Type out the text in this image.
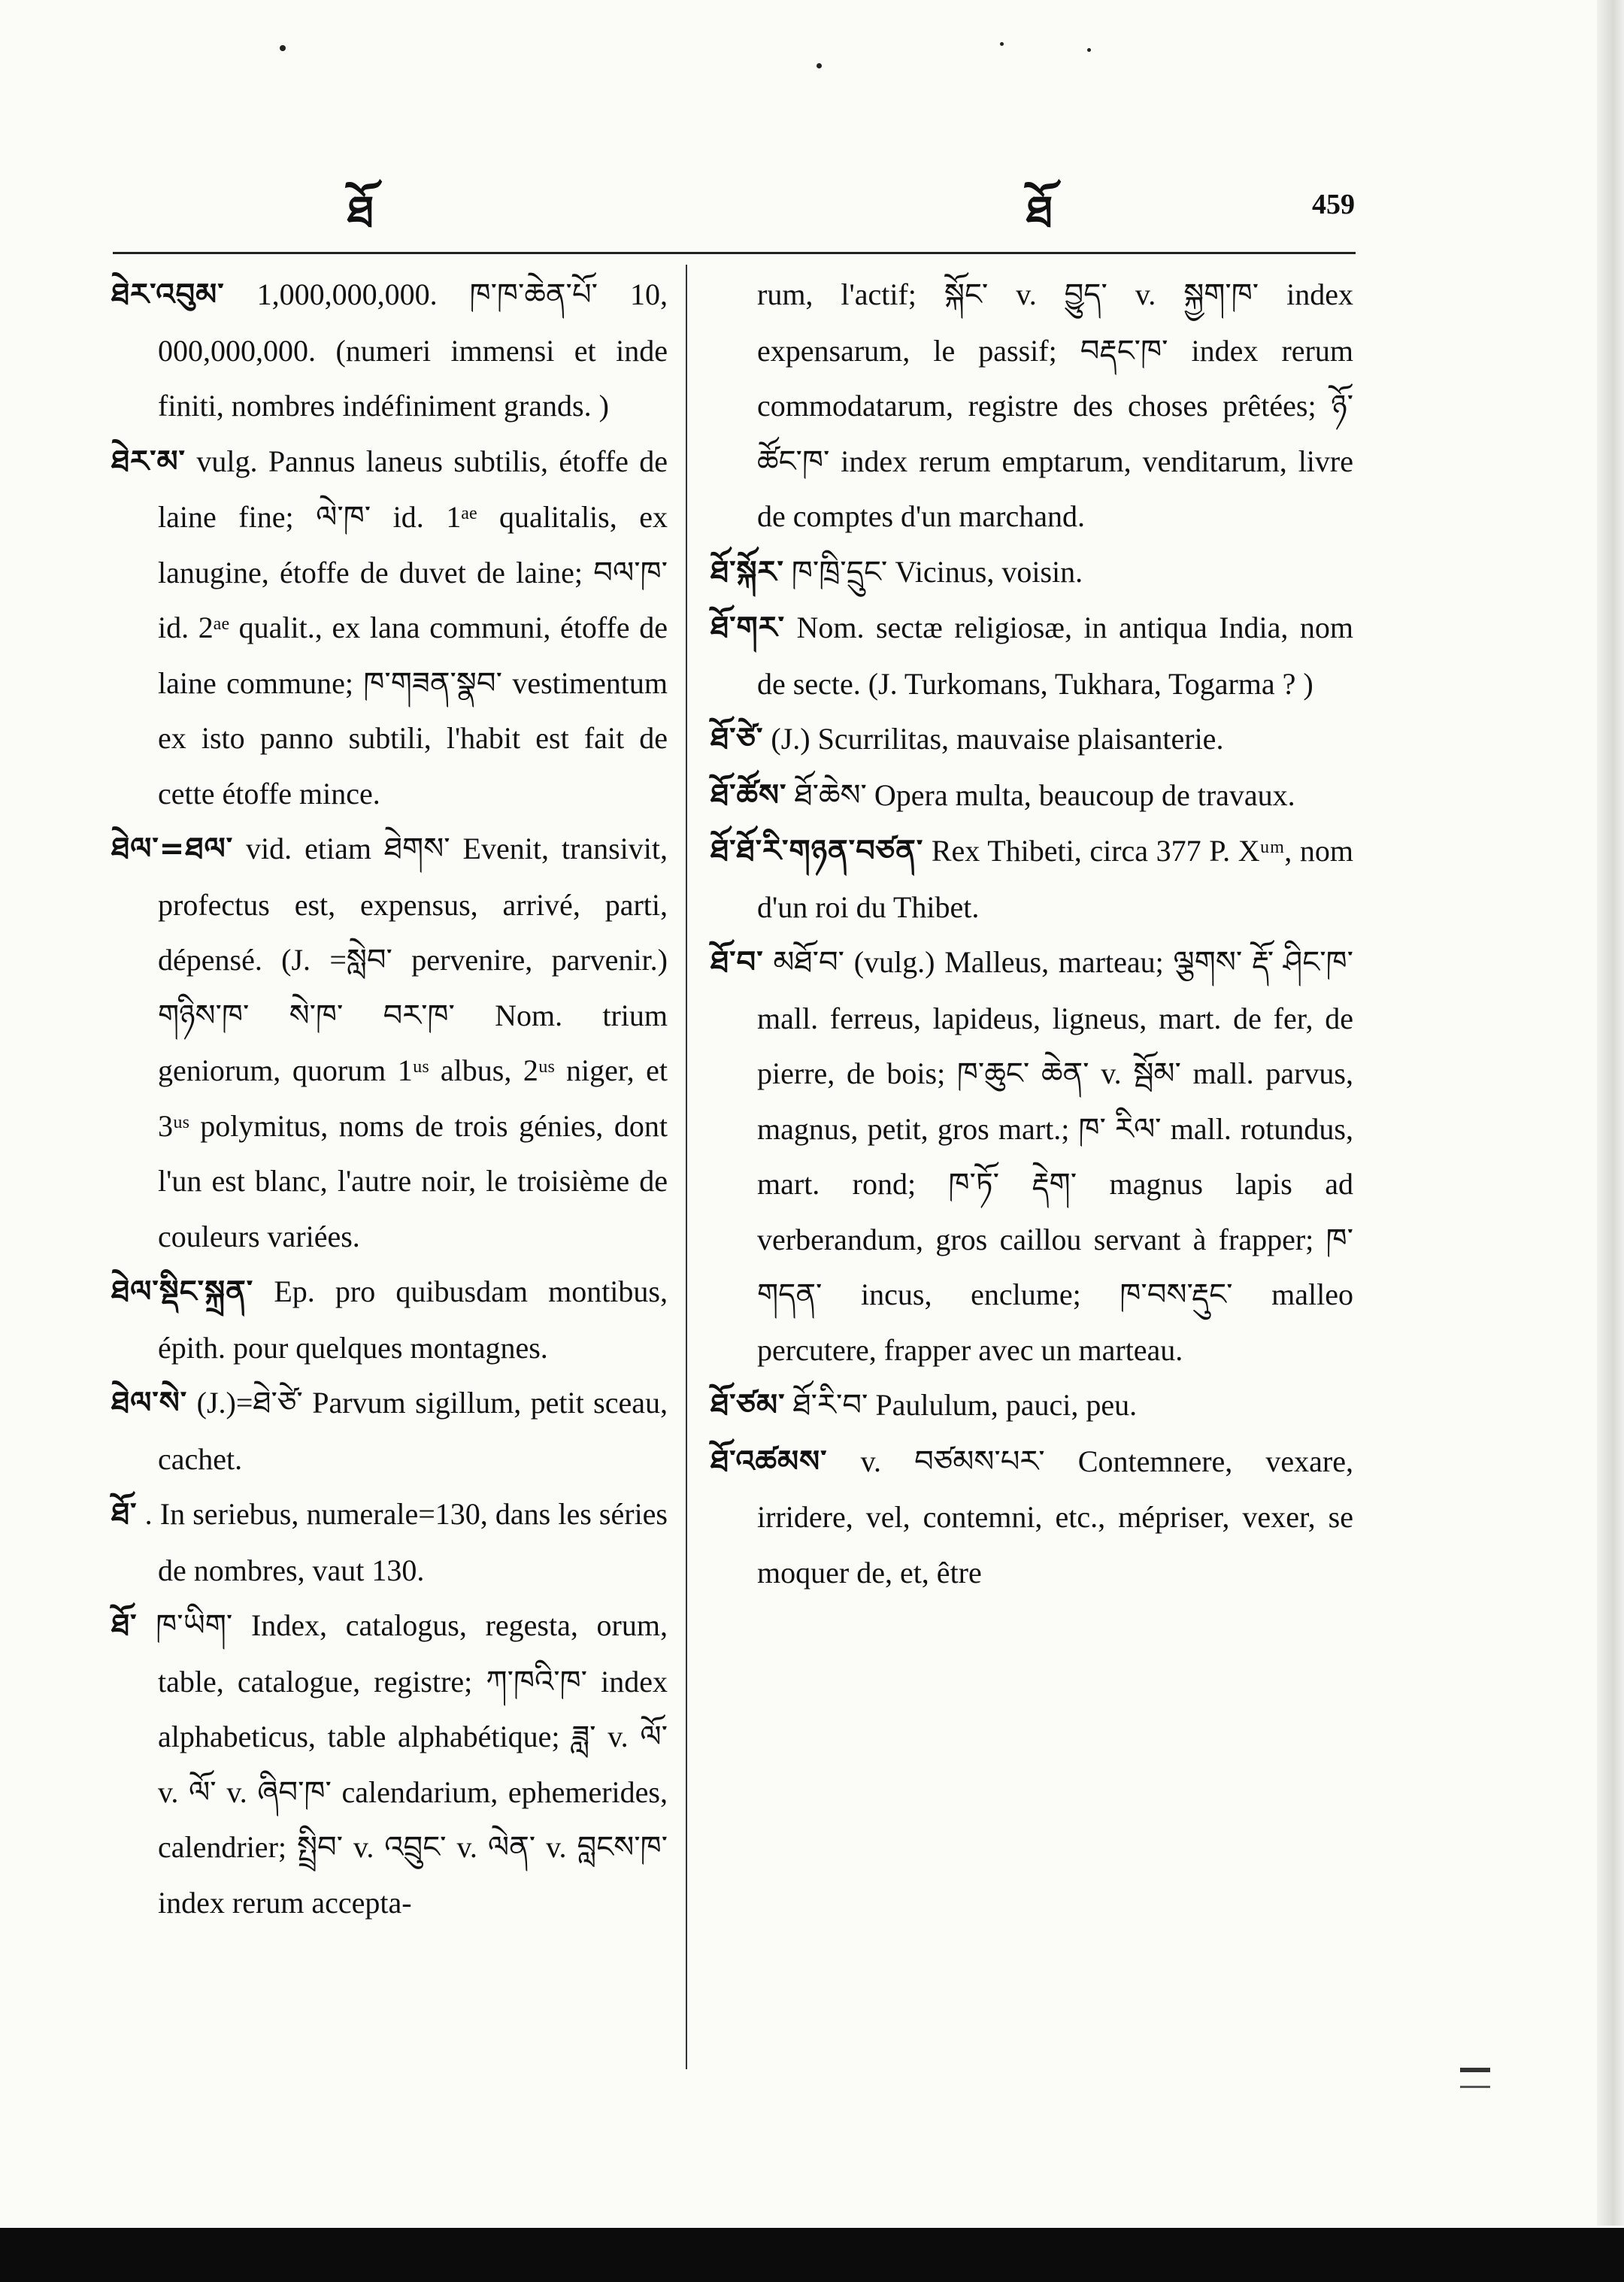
ཐོ	ཐོ	459

ཐེར་འབུམ་ 1,000,000,000. ཁ་ཁ་ཆེན་པོ་ 10, 000,000,000. (numeri immensi et inde finiti, nombres indéfiniment grands. )

ཐེར་མ་ vulg. Pannus laneus subtilis, étoffe de laine fine; ལེ་ཁ་ id. 1ᵃᵉ qualitalis, ex lanugine, étoffe de duvet de laine; བལ་ཁ་ id. 2ᵃᵉ qualit., ex lana communi, étoffe de laine commune; ཁ་གཟན་སྣབ་ vestimentum ex isto panno subtili, l'habit est fait de cette étoffe mince.

ཐེལ་=ཐལ་ vid. etiam ཐེགས་ Evenit, transivit, profectus est, expensus, arrivé, parti, dépensé. (J. =སླེབ་ pervenire, parvenir.) གཉིས་ཁ་ སེ་ཁ་ བར་ཁ་ Nom. trium geniorum, quorum 1ᵘˢ albus, 2ᵘˢ niger, et 3ᵘˢ polymitus, noms de trois génies, dont l'un est blanc, l'autre noir, le troisième de couleurs variées.

ཐེལ་སྡིང་སྐྲན་ Ep. pro quibusdam montibus, épith. pour quelques montagnes.

ཐེལ་སེ་ (J.)=ཐེ་ཙེ་ Parvum sigillum, petit sceau, cachet.

ཐོ་ . In seriebus, numerale=130, dans les séries de nombres, vaut 130.

ཐོ་ ཁ་ཡིག་ Index, catalogus, regesta, orum, table, catalogue, registre; ཀ་ཁའི་ཁ་ index alphabeticus, table alphabétique; ཟླ་ v. ལོ་ v. ལོ་ v. ཞིབ་ཁ་ calendarium, ephemerides, calendrier; སྤྲིབ་ v. འབྲུང་ v. ལེན་ v. བླངས་ཁ་ index rerum accepta-

rum, l'actif; སྐོང་ v. བྱུད་ v. སྐྱག་ཁ་ index expensarum, le passif; བརྡང་ཁ་ index rerum commodatarum, registre des choses prêtées; ཉོ་ ཚོང་ཁ་ index rerum emptarum, venditarum, livre de comptes d'un marchand.

ཐོ་སྐོར་ ཁ་ཁྲི་དྲུང་ Vicinus, voisin.

ཐོ་གར་ Nom. sectæ religiosæ, in antiqua India, nom de secte. (J. Turkomans, Tukhara, Togarma ? )

ཐོ་ཙེ་ (J.) Scurrilitas, mauvaise plaisanterie.

ཐོ་ཚོས་ ཐོ་ཆེས་ Opera multa, beaucoup de travaux.

ཐོ་ཐོ་རི་གཉན་བཙན་ Rex Thibeti, circa 377 P. Xᵘᵐ, nom d'un roi du Thibet.

ཐོ་བ་ མཐོ་བ་ (vulg.) Malleus, marteau; ལྕགས་ རྡོ་ ཤིང་ཁ་ mall. ferreus, lapideus, ligneus, mart. de fer, de pierre, de bois; ཁ་ཆུང་ ཆེན་ v. སྦོམ་ mall. parvus, magnus, petit, gros mart.; ཁ་ རིལ་ mall. rotundus, mart. rond; ཁ་ཏོ་ རྡེག་ magnus lapis ad verberandum, gros caillou servant à frapper; ཁ་གདན་ incus, enclume; ཁ་བས་རྡུང་ malleo percutere, frapper avec un marteau.

ཐོ་ཙམ་ ཐོ་རི་བ་ Paululum, pauci, peu.

ཐོ་འཚམས་ v. བཙམས་པར་ Contemnere, vexare, irridere, vel, contemni, etc., mépriser, vexer, se moquer de, et, être
